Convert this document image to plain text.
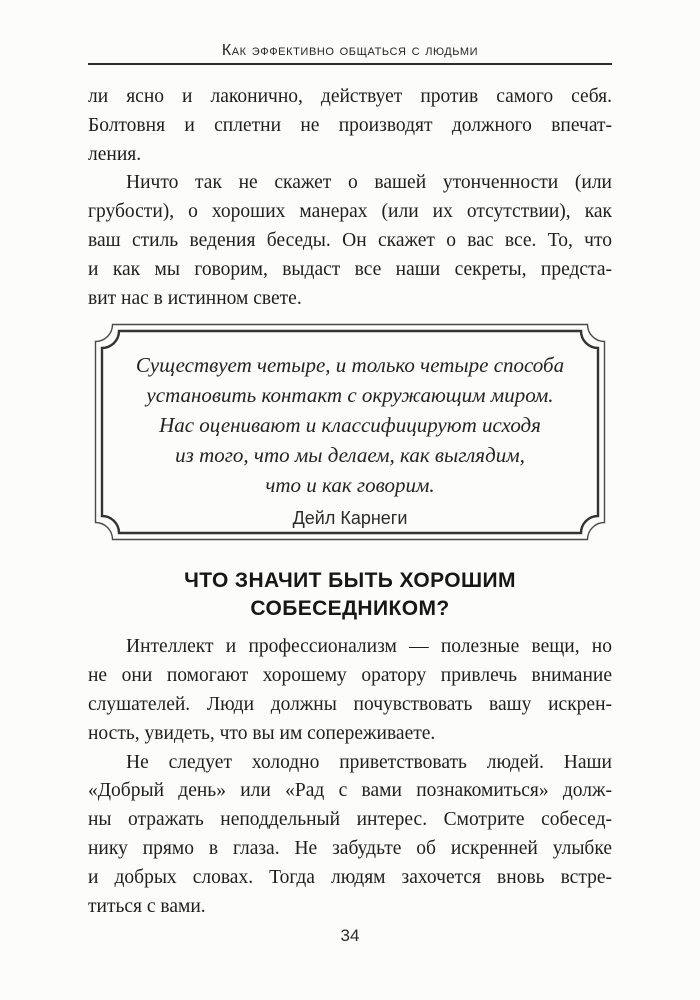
Как эффективно общаться с людьми
ли ясно и лаконично, действует против самого себя.
Болтовня и сплетни не производят должного впечат-
ления.
Ничто так не скажет о вашей утонченности (или
грубости), о хороших манерах (или их отсутствии), как
ваш стиль ведения беседы. Он скажет о вас все. То, что
и как мы говорим, выдаст все наши секреты, предста-
вит нас в истинном свете.
Существует четыре, и только четыре способа
установить контакт с окружающим миром.
Нас оценивают и классифицируют исходя
из того, что мы делаем, как выглядим,
что и как говорим.
Дейл Карнеги
ЧТО ЗНАЧИТ БЫТЬ ХОРОШИМ
СОБЕСЕДНИКОМ?
Интеллект и профессионализм — полезные вещи, но
не они помогают хорошему оратору привлечь внимание
слушателей. Люди должны почувствовать вашу искрен-
ность, увидеть, что вы им сопереживаете.
Не следует холодно приветствовать людей. Наши
«Добрый день» или «Рад с вами познакомиться» долж-
ны отражать неподдельный интерес. Смотрите собесед-
нику прямо в глаза. Не забудьте об искренней улыбке
и добрых словах. Тогда людям захочется вновь встре-
титься с вами.
34
